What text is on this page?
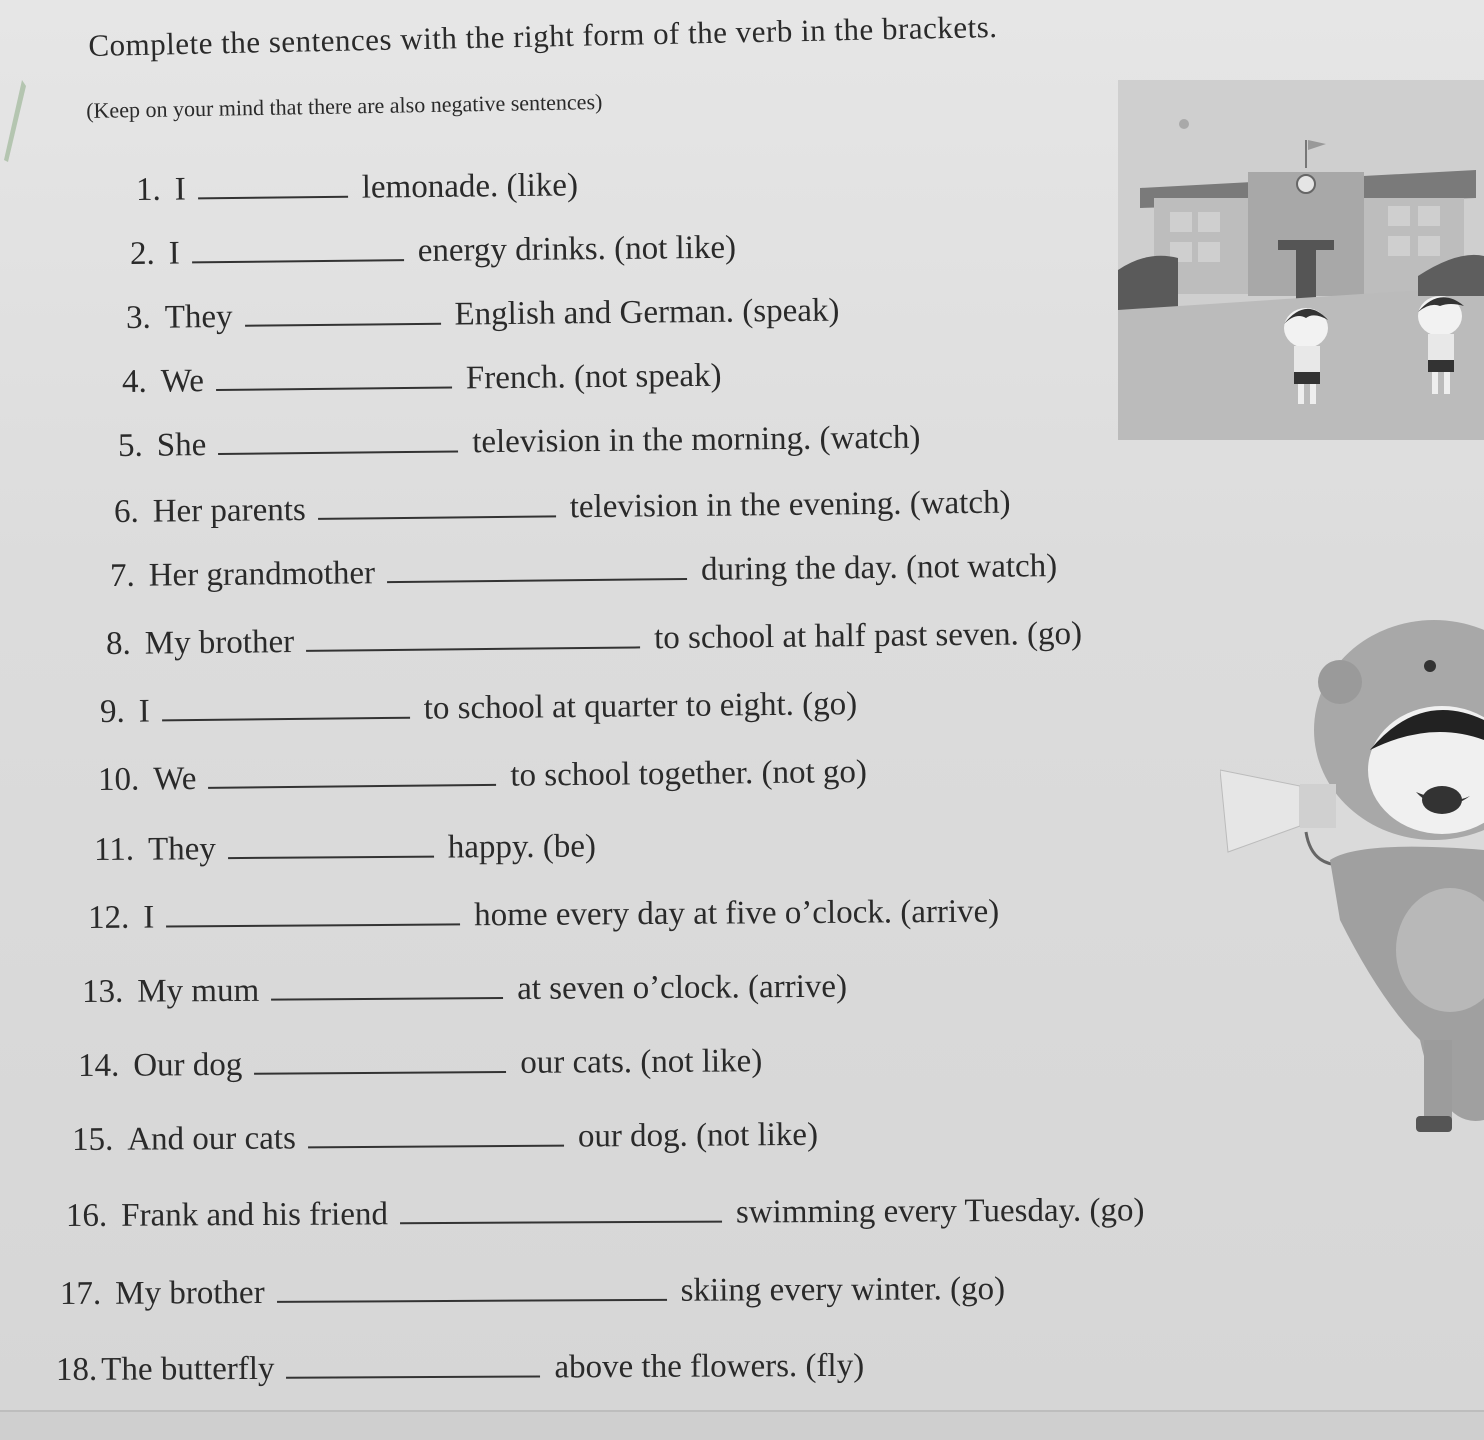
Complete the sentences with the right form of the verb in the brackets.
(Keep on your mind that there are also negative sentences)
1. I	lemonade. (like)
2. I	energy drinks. (not like)
3. They	English and German. (speak)
4. We	French. (not speak)
5. She	television in the morning. (watch)
6. Her parents	television in the evening. (watch)
7. Her grandmother	during the day. (not watch)
8. My brother	to school at half past seven. (go)
9. I	to school at quarter to eight. (go)
10. We	to school together. (not go)
11. They	happy. (be)
12. I	home every day at five o’clock. (arrive)
13. My mum	at seven o’clock. (arrive)
14. Our dog	our cats. (not like)
15. And our cats	our dog. (not like)
16. Frank and his friend	swimming every Tuesday. (go)
17. My brother	skiing every winter. (go)
18. The butterfly	above the flowers. (fly)
